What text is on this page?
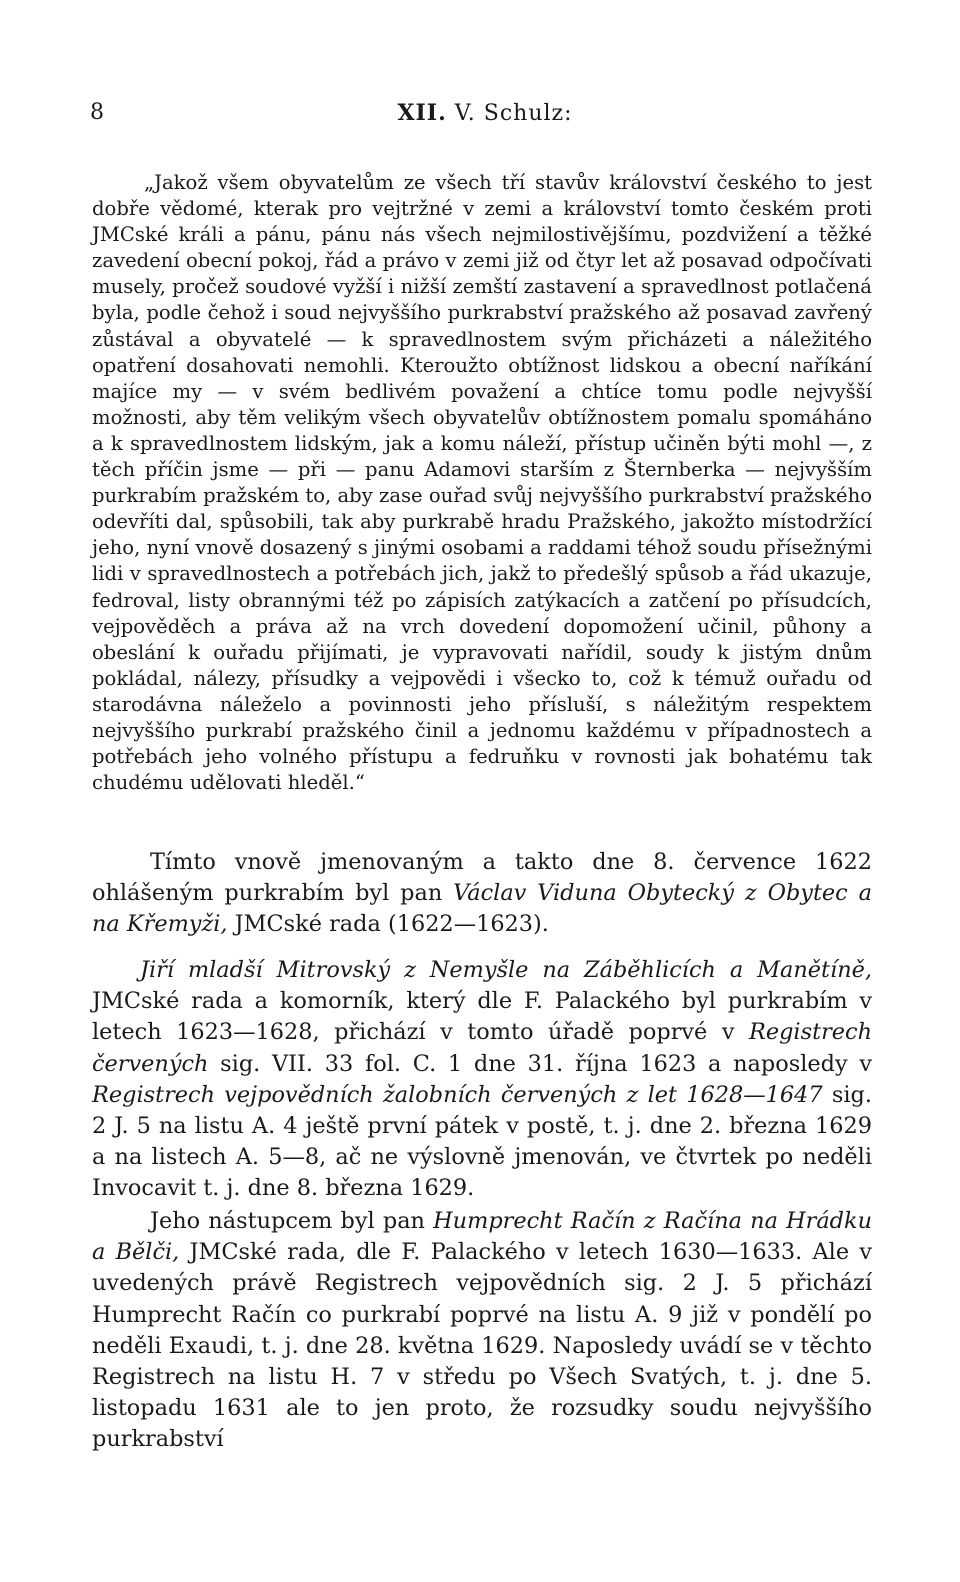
8	XII. V. Schulz:

„Jakož všem obyvatelům ze všech tří stavův království českého to jest dobře vědomé, kterak pro vejtržné v zemi a království tomto českém proti JMCské králi a pánu, pánu nás všech nejmilostivějšímu, pozdvižení a těžké zavedení obecní pokoj, řád a právo v zemi již od čtyr let až posavad odpočívati musely, pročež soudové vyžší i nižší zemští zastavení a spravedlnost potlačená byla, podle čehož i soud nejvyššího purkrabství pražského až posavad zavřený zůstával a obyvatelé — k spravedlnostem svým přicházeti a náležitého opatření dosahovati nemohli. Kteroužto obtížnost lidskou a obecní naříkání majíce my — v svém bedlivém považení a chtíce tomu podle nejvyšší možnosti, aby těm velikým všech obyvatelův obtížnostem pomalu spomáháno a k spravedlnostem lidským, jak a komu náleží, přístup učiněn býti mohl —, z těch příčin jsme — při — panu Adamovi starším z Šternberka — nejvyšším purkrabím pražském to, aby zase ouřad svůj nejvyššího purkrabství pražského odevříti dal, spůsobili, tak aby purkrabě hradu Pražského, jakožto místodržící jeho, nyní vnově dosazený s jinými osobami a raddami téhož soudu přísežnými lidi v spravedlnostech a potřebách jich, jakž to předešlý spůsob a řád ukazuje, fedroval, listy obrannými též po zápisích zatýkacích a zatčení po přísudcích, vejpověděch a práva až na vrch dovedení dopomožení učinil, půhony a obeslání k ouřadu přijímati, je vypravovati nařídil, soudy k jistým dnům pokládal, nálezy, přísudky a vejpovědi i všecko to, což k témuž ouřadu od starodávna náleželo a povinnosti jeho přísluší, s náležitým respektem nejvyššího purkrabí pražského činil a jednomu každému v případnostech a potřebách jeho volného přístupu a fedruňku v rovnosti jak bohatému tak chudému udělovati hleděl.“

Tímto vnově jmenovaným a takto dne 8. července 1622 ohlášeným purkrabím byl pan Václav Viduna Obytecký z Obytec a na Křemyži, JMCské rada (1622—1623).

Jiří mladší Mitrovský z Nemyšle na Záběhlicích a Manětíně, JMCské rada a komorník, který dle F. Palackého byl purkrabím v letech 1623—1628, přichází v tomto úřadě poprvé v Registrech červených sig. VII. 33 fol. C. 1 dne 31. října 1623 a naposledy v Registrech vejpovědních žalobních červených z let 1628—1647 sig. 2 J. 5 na listu A. 4 ještě první pátek v postě, t. j. dne 2. března 1629 a na listech A. 5—8, ač ne výslovně jmenován, ve čtvrtek po neděli Invocavit t. j. dne 8. března 1629.

Jeho nástupcem byl pan Humprecht Račín z Račína na Hrádku a Bělči, JMCské rada, dle F. Palackého v letech 1630—1633. Ale v uvedených právě Registrech vejpovědních sig. 2 J. 5 přichází Humprecht Račín co purkrabí poprvé na listu A. 9 již v pondělí po neděli Exaudi, t. j. dne 28. května 1629. Naposledy uvádí se v těchto Registrech na listu H. 7 v středu po Všech Svatých, t. j. dne 5. listopadu 1631 ale to jen proto, že rozsudky soudu nejvyššího purkrabství
